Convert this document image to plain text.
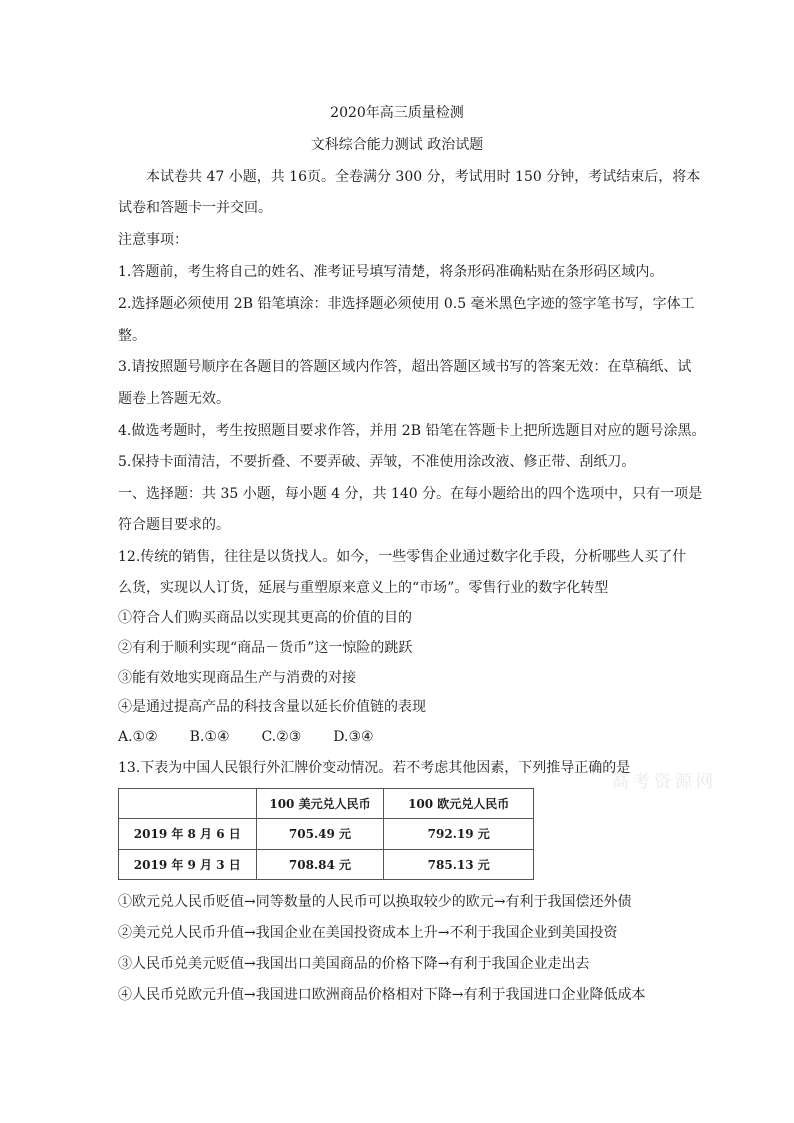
2020年高三质量检测
文科综合能力测试 政治试题
本试卷共 47 小题，共 16页。全卷满分 300 分，考试用时 150 分钟，考试结束后，将本
试卷和答题卡一并交回。
注意事项：
1.答题前，考生将自己的姓名、准考证号填写清楚，将条形码准确粘贴在条形码区域内。
2.选择题必须使用 2B 铅笔填涂：非选择题必须使用 0.5 毫米黑色字迹的签字笔书写，字体工
整。
3.请按照题号顺序在各题目的答题区域内作答，超出答题区域书写的答案无效：在草稿纸、试
题卷上答题无效。
4.做选考题时，考生按照题目要求作答，并用 2B 铅笔在答题卡上把所选题目对应的题号涂黑。
5.保持卡面清洁，不要折叠、不要弄破、弄皱，不准使用涂改液、修正带、刮纸刀。
一、选择题：共 35 小题，每小题 4 分，共 140 分。在每小题给出的四个选项中，只有一项是
符合题目要求的。
12.传统的销售，往往是以货找人。如今，一些零售企业通过数字化手段，分析哪些人买了什
么货，实现以人订货，延展与重塑原来意义上的“市场”。零售行业的数字化转型
①符合人们购买商品以实现其更高的价值的目的
②有利于顺利实现“商品－货币”这一惊险的跳跃
③能有效地实现商品生产与消费的对接
④是通过提高产品的科技含量以延长价值链的表现
A.①② B.①④ C.②③ D.③④
13.下表为中国人民银行外汇牌价变动情况。若不考虑其他因素，下列推导正确的是
高考资源网
	100 美元兑人民币	100 欧元兑人民币
2019 年 8 月 6 日	705.49 元	792.19 元
2019 年 9 月 3 日	708.84 元	785.13 元
①欧元兑人民币贬值→同等数量的人民币可以换取较少的欧元→有利于我国偿还外债
②美元兑人民币升值→我国企业在美国投资成本上升→不利于我国企业到美国投资
③人民币兑美元贬值→我国出口美国商品的价格下降→有利于我国企业走出去
④人民币兑欧元升值→我国进口欧洲商品价格相对下降→有利于我国进口企业降低成本
